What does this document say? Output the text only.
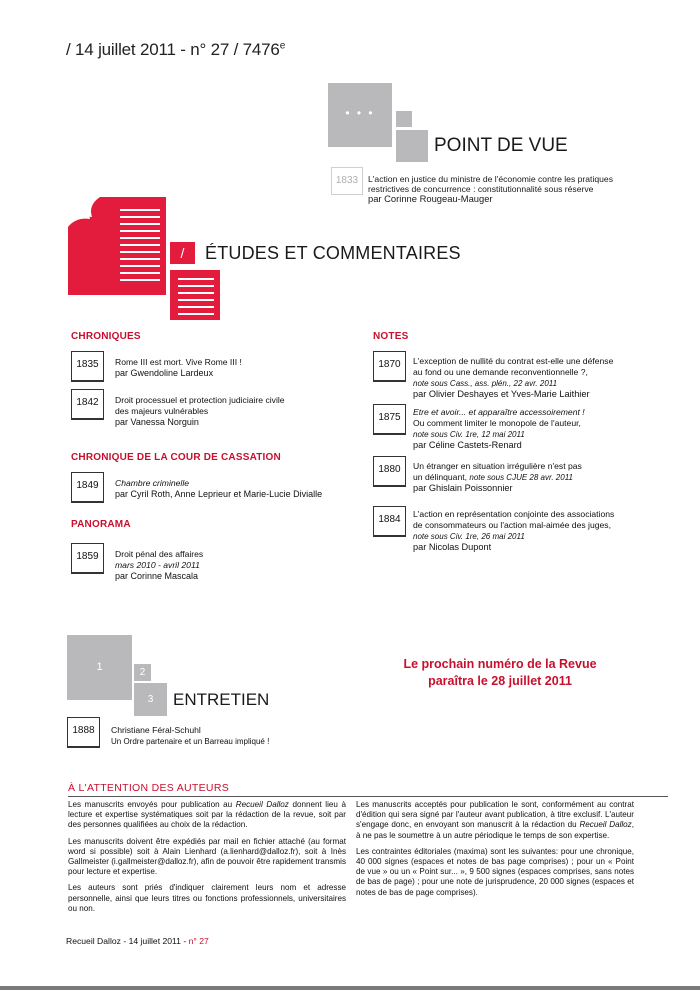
/ 14 juillet 2011 - n° 27 / 7476e
• • •
POINT DE VUE
1833	L'action en justice du ministre de l'économie contre les pratiques
restrictives de concurrence : constitutionnalité sous réserve
par Corinne Rougeau-Mauger
/	ÉTUDES ET COMMENTAIRES
CHRONIQUES
1835	Rome III est mort. Vive Rome III !
par Gwendoline Lardeux
1842	Droit processuel et protection judiciaire civile
des majeurs vulnérables
par Vanessa Norguin
CHRONIQUE DE LA COUR DE CASSATION
1849	Chambre criminelle
par Cyril Roth, Anne Leprieur et Marie-Lucie Divialle
PANORAMA
1859	Droit pénal des affaires
mars 2010 - avril 2011
par Corinne Mascala
NOTES
1870	L'exception de nullité du contrat est-elle une défense
au fond ou une demande reconventionnelle ?,
note sous Cass., ass. plén., 22 avr. 2011
par Olivier Deshayes et Yves-Marie Laithier
1875	Etre et avoir... et apparaître accessoirement !
Ou comment limiter le monopole de l'auteur,
note sous Civ. 1re, 12 mai 2011
par Céline Castets-Renard
1880	Un étranger en situation irrégulière n'est pas
un délinquant, note sous CJUE 28 avr. 2011
par Ghislain Poissonnier
1884	L'action en représentation conjointe des associations
de consommateurs ou l'action mal-aimée des juges,
note sous Civ. 1re, 26 mai 2011
par Nicolas Dupont
1	2
3	ENTRETIEN
1888	Christiane Féral-Schuhl
Un Ordre partenaire et un Barreau impliqué !
Le prochain numéro de la Revue
paraîtra le 28 juillet 2011
À L'ATTENTION DES AUTEURS

Les manuscrits envoyés pour publication au Recueil Dalloz donnent lieu à lecture et expertise systématiques soit par la rédaction de la revue, soit par des personnes qualifiées au choix de la rédaction.

Les manuscrits doivent être expédiés par mail en fichier attaché (au format word si possible) soit à Alain Lienhard (a.lienhard@dalloz.fr), soit à Inès Gallmeister (i.gallmeister@dalloz.fr), afin de pouvoir être rapidement transmis pour lecture et expertise.

Les auteurs sont priés d'indiquer clairement leurs nom et adresse personnelle, ainsi que leurs titres ou fonctions professionnels, universitaires ou non.

Les manuscrits acceptés pour publication le sont, conformément au contrat d'édition qui sera signé par l'auteur avant publication, à titre exclusif. L'auteur s'engage donc, en envoyant son manuscrit à la rédaction du Recueil Dalloz, à ne pas le soumettre à un autre périodique le temps de son expertise.

Les contraintes éditoriales (maxima) sont les suivantes: pour une chronique, 40 000 signes (espaces et notes de bas page comprises) ; pour un « Point de vue » ou un « Point sur... », 9 500 signes (espaces comprises, sans notes de bas de page) ; pour une note de jurisprudence, 20 000 signes (espaces et notes de bas de page comprises).

Recueil Dalloz - 14 juillet 2011 - n° 27
